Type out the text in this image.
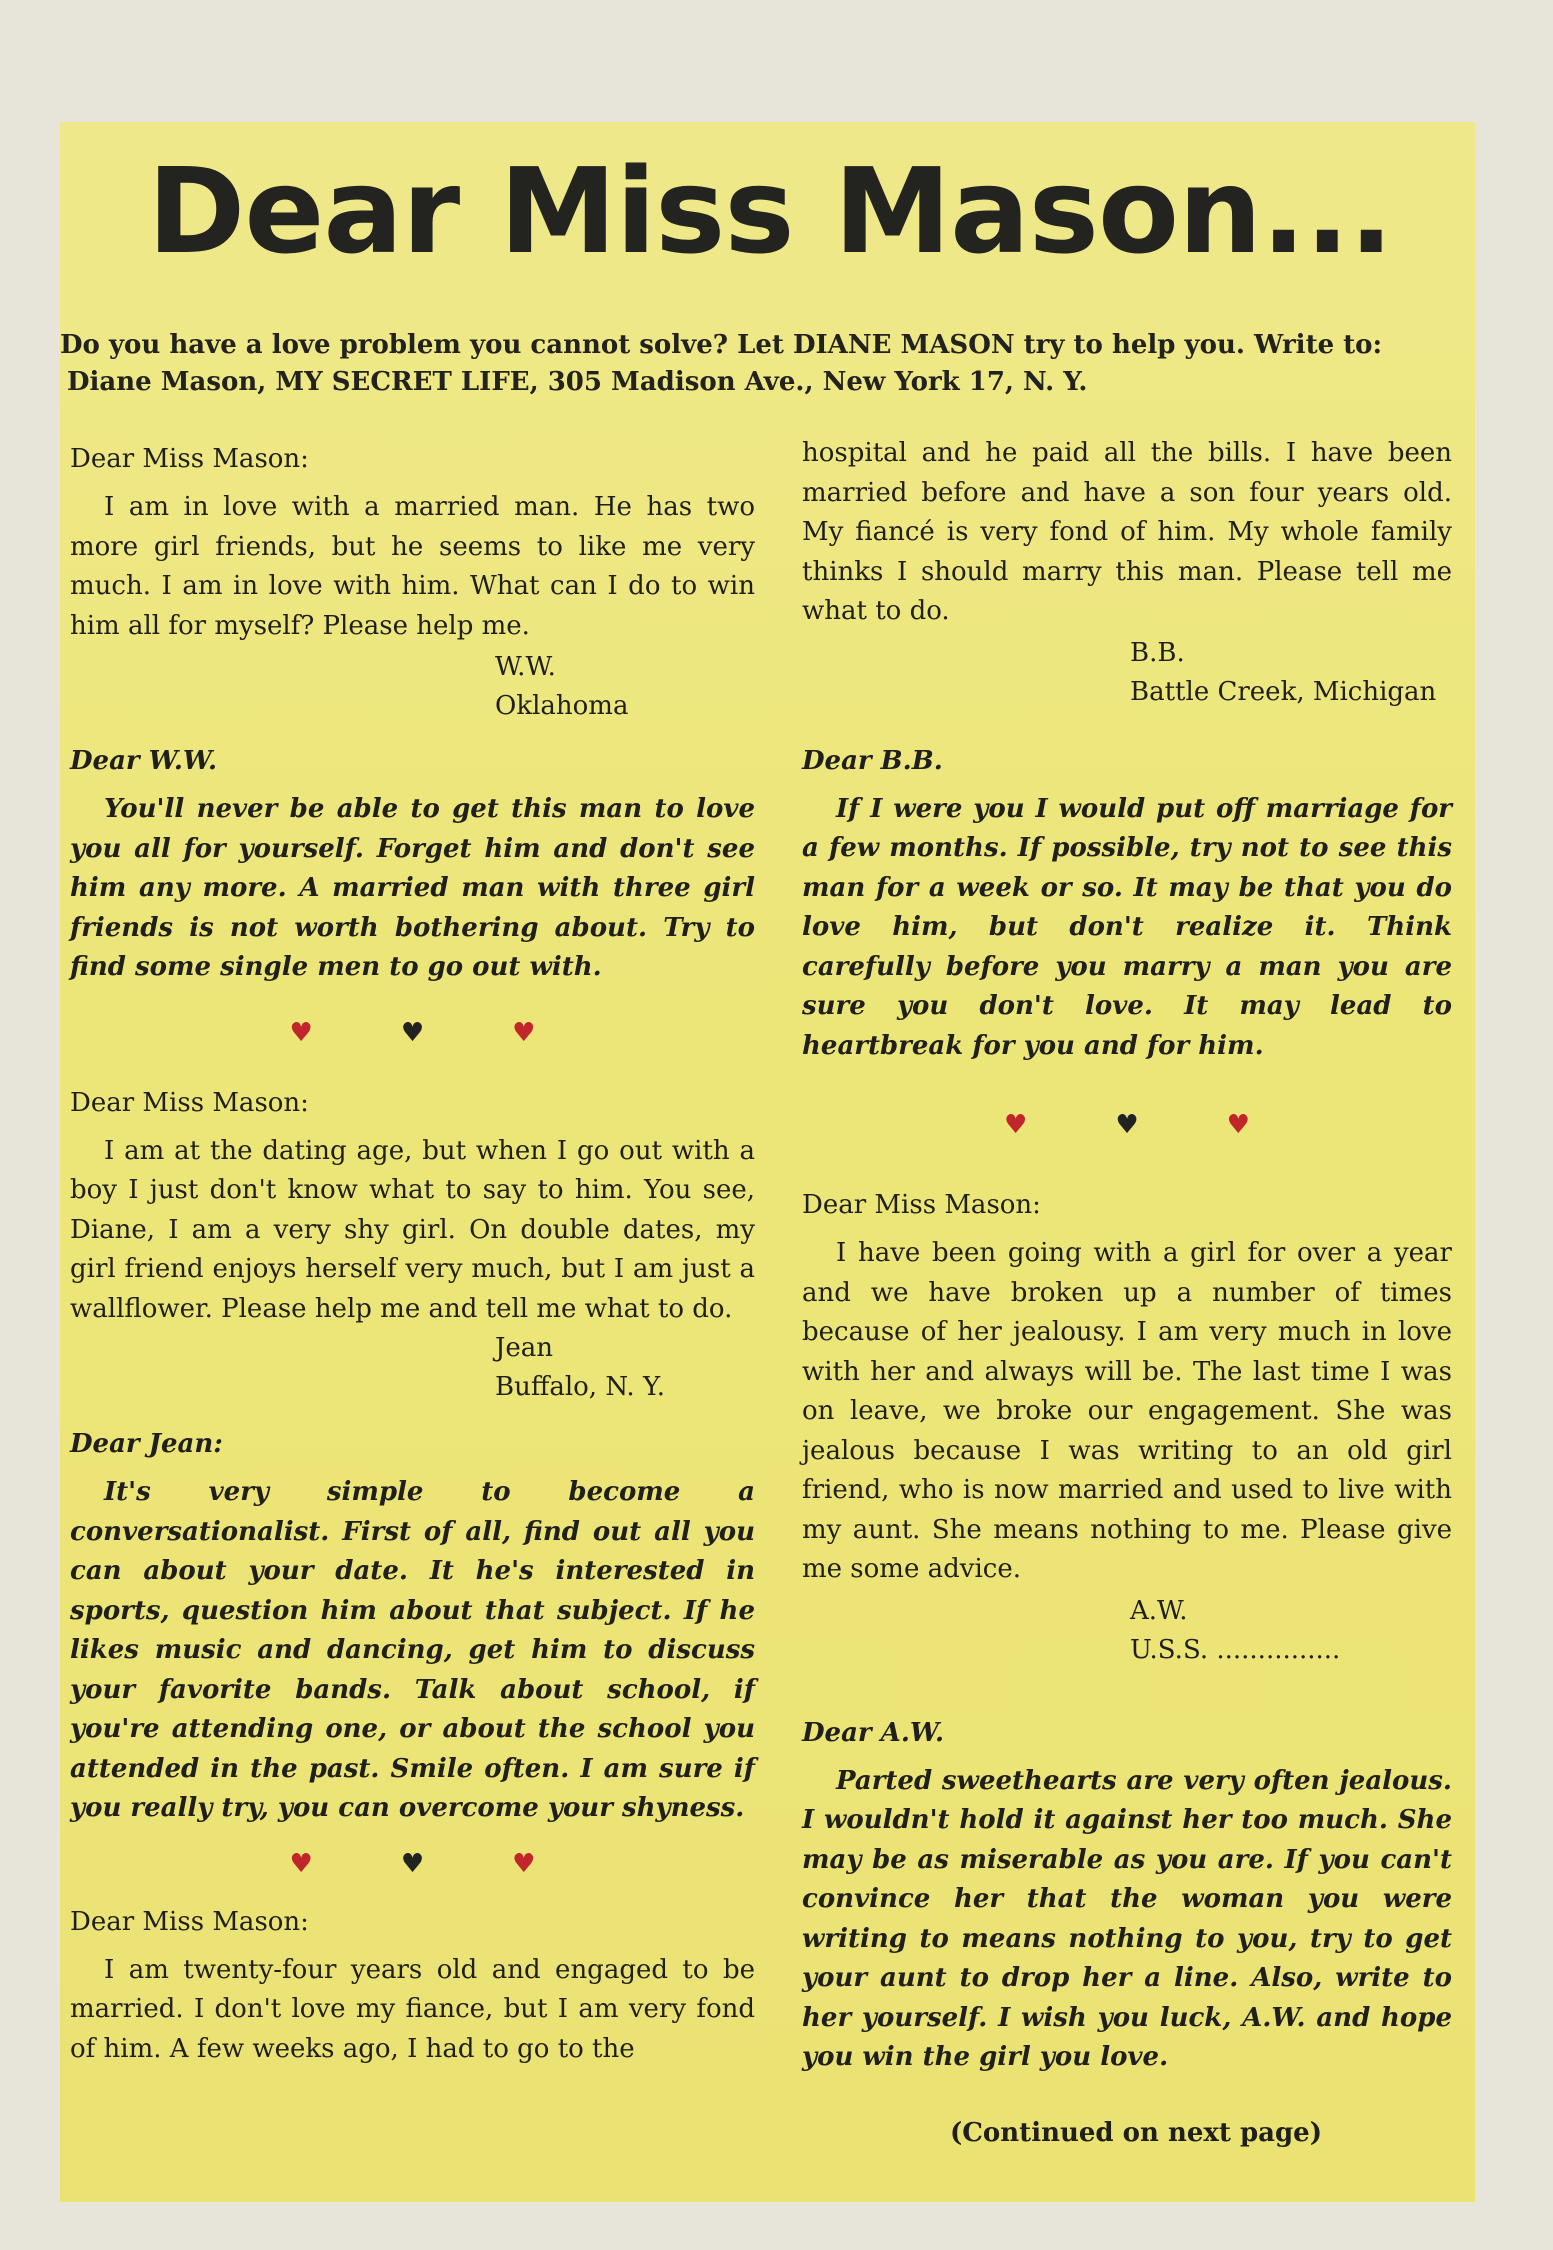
Dear Miss Mason...
Do you have a love problem you cannot solve? Let DIANE MASON try to help you. Write to:
Diane Mason, MY SECRET LIFE, 305 Madison Ave., New York 17, N. Y.

Dear Miss Mason:

I am in love with a married man. He has two more girl friends, but he seems to like me very much. I am in love with him. What can I do to win him all for myself? Please help me.

W.W.
Oklahoma

Dear W.W.

You'll never be able to get this man to love you all for yourself. Forget him and don't see him any more. A married man with three girl friends is not worth bothering about. Try to find some single men to go out with.

♥	♥	♥

Dear Miss Mason:

I am at the dating age, but when I go out with a boy I just don't know what to say to him. You see, Diane, I am a very shy girl. On double dates, my girl friend enjoys herself very much, but I am just a wallflower. Please help me and tell me what to do.

Jean
Buffalo, N. Y.

Dear Jean:

It's very simple to become a conversationalist. First of all, find out all you can about your date. It he's interested in sports, question him about that subject. If he likes music and dancing, get him to discuss your favorite bands. Talk about school, if you're attending one, or about the school you attended in the past. Smile often. I am sure if you really try, you can overcome your shyness.

♥	♥	♥

Dear Miss Mason:

I am twenty-four years old and engaged to be married. I don't love my fiance, but I am very fond of him. A few weeks ago, I had to go to the

hospital and he paid all the bills. I have been married before and have a son four years old. My fiancé is very fond of him. My whole family thinks I should marry this man. Please tell me what to do.

B.B.
Battle Creek, Michigan

Dear B.B.

If I were you I would put off marriage for a few months. If possible, try not to see this man for a week or so. It may be that you do love him, but don't realize it. Think carefully before you marry a man you are sure you don't love. It may lead to heartbreak for you and for him.

♥	♥	♥

Dear Miss Mason:

I have been going with a girl for over a year and we have broken up a number of times because of her jealousy. I am very much in love with her and always will be. The last time I was on leave, we broke our engagement. She was jealous because I was writing to an old girl friend, who is now married and used to live with my aunt. She means nothing to me. Please give me some advice.

A.W.
U.S.S. ...............

Dear A.W.

Parted sweethearts are very often jealous. I wouldn't hold it against her too much. She may be as miserable as you are. If you can't convince her that the woman you were writing to means nothing to you, try to get your aunt to drop her a line. Also, write to her yourself. I wish you luck, A.W. and hope you win the girl you love.

(Continued on next page)
